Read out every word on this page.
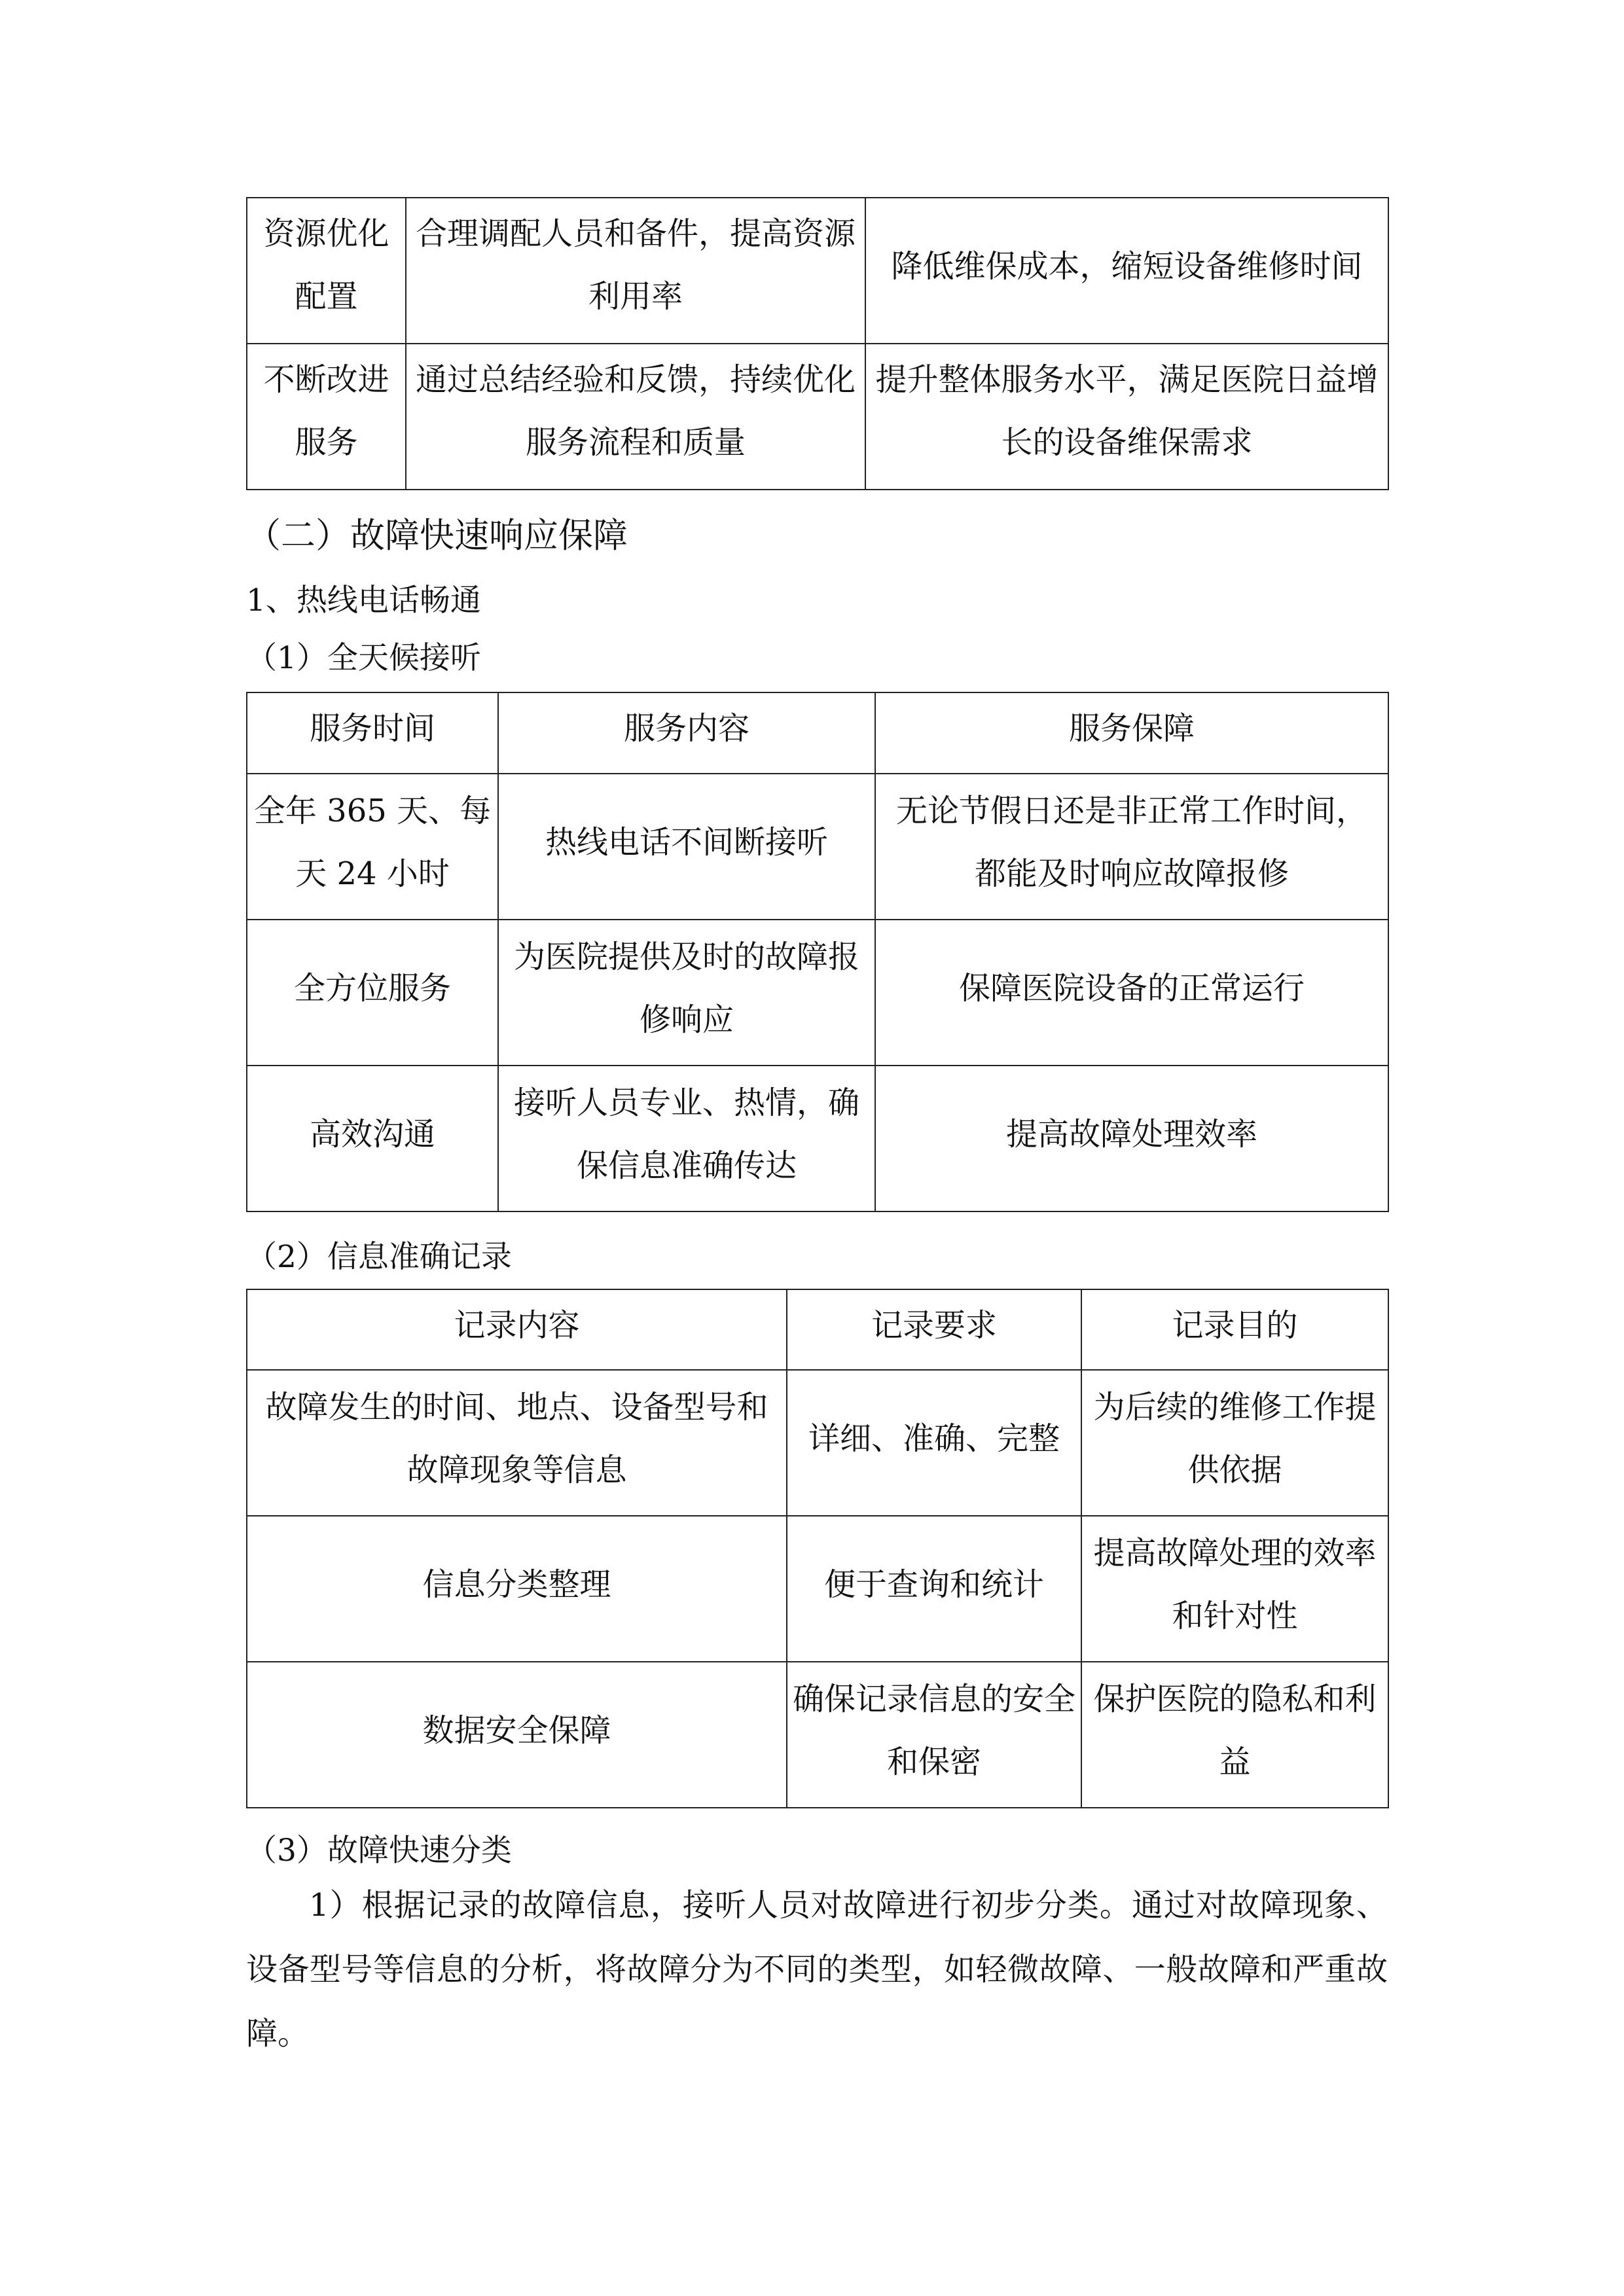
资源优化配置	合理调配人员和备件，提高资源利用率	降低维保成本，缩短设备维修时间
不断改进服务	通过总结经验和反馈，持续优化服务流程和质量	提升整体服务水平，满足医院日益增长的设备维保需求
（二）故障快速响应保障
1、热线电话畅通
（1）全天候接听
服务时间	服务内容	服务保障
全年 365 天、每天 24 小时	热线电话不间断接听	无论节假日还是非正常工作时间，都能及时响应故障报修
全方位服务	为医院提供及时的故障报修响应	保障医院设备的正常运行
高效沟通	接听人员专业、热情，确保信息准确传达	提高故障处理效率
（2）信息准确记录
记录内容	记录要求	记录目的
故障发生的时间、地点、设备型号和故障现象等信息	详细、准确、完整	为后续的维修工作提供依据
信息分类整理	便于查询和统计	提高故障处理的效率和针对性
数据安全保障	确保记录信息的安全和保密	保护医院的隐私和利益
（3）故障快速分类
1）根据记录的故障信息，接听人员对故障进行初步分类。通过对故障现象、设备型号等信息的分析，将故障分为不同的类型，如轻微故障、一般故障和严重故障。
